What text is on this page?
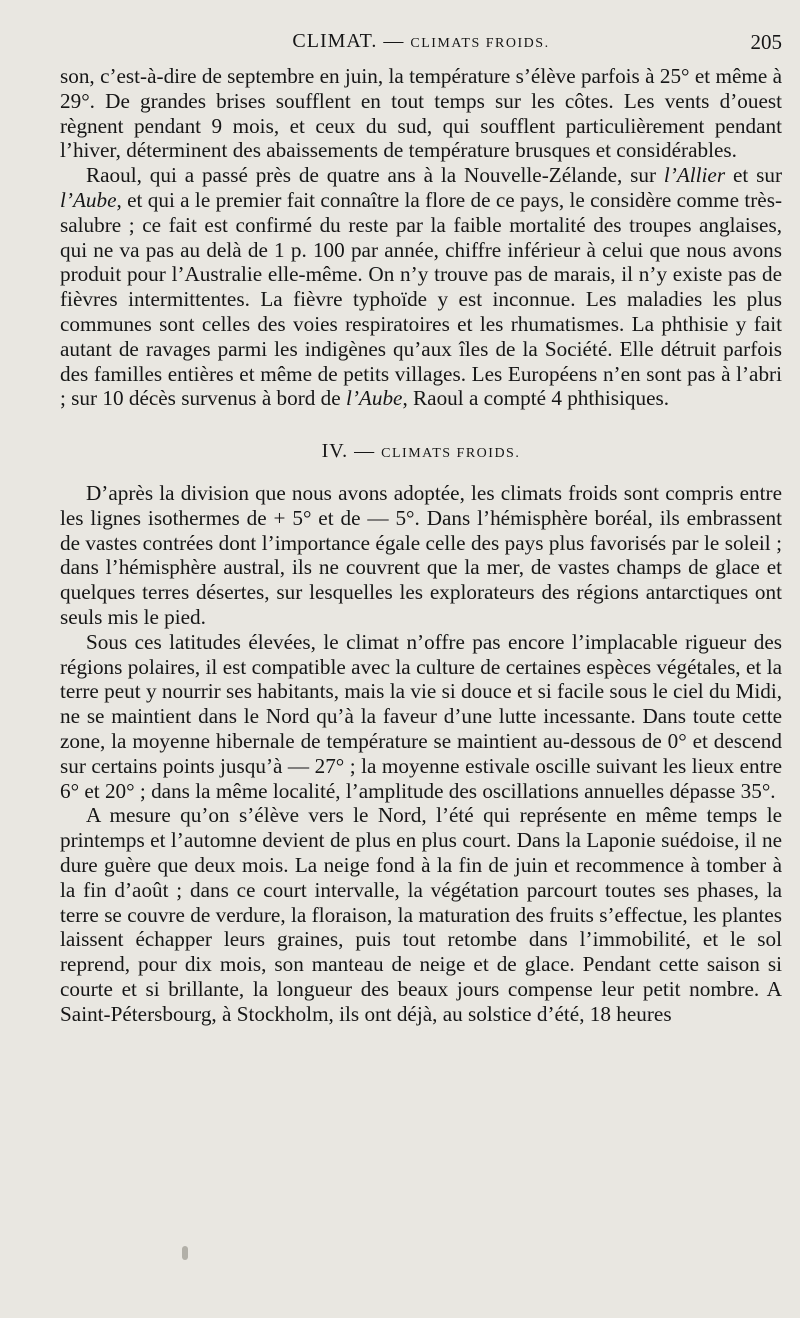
CLIMAT. — CLIMATS FROIDS.	205

son, c’est-à-dire de septembre en juin, la température s’élève parfois à 25° et même à 29°. De grandes brises soufflent en tout temps sur les côtes. Les vents d’ouest règnent pendant 9 mois, et ceux du sud, qui soufflent particulièrement pendant l’hiver, déterminent des abaissements de température brusques et considérables.

Raoul, qui a passé près de quatre ans à la Nouvelle-Zélande, sur l’Allier et sur l’Aube, et qui a le premier fait connaître la flore de ce pays, le considère comme très-salubre ; ce fait est confirmé du reste par la faible mortalité des troupes anglaises, qui ne va pas au delà de 1 p. 100 par année, chiffre inférieur à celui que nous avons produit pour l’Australie elle-même. On n’y trouve pas de marais, il n’y existe pas de fièvres intermittentes. La fièvre typhoïde y est inconnue. Les maladies les plus communes sont celles des voies respiratoires et les rhumatismes. La phthisie y fait autant de ravages parmi les indigènes qu’aux îles de la Société. Elle détruit parfois des familles entières et même de petits villages. Les Européens n’en sont pas à l’abri ; sur 10 décès survenus à bord de l’Aube, Raoul a compté 4 phthisiques.

IV. — CLIMATS FROIDS.

D’après la division que nous avons adoptée, les climats froids sont compris entre les lignes isothermes de + 5° et de — 5°. Dans l’hémisphère boréal, ils embrassent de vastes contrées dont l’importance égale celle des pays plus favorisés par le soleil ; dans l’hémisphère austral, ils ne couvrent que la mer, de vastes champs de glace et quelques terres désertes, sur lesquelles les explorateurs des régions antarctiques ont seuls mis le pied.

Sous ces latitudes élevées, le climat n’offre pas encore l’implacable rigueur des régions polaires, il est compatible avec la culture de certaines espèces végétales, et la terre peut y nourrir ses habitants, mais la vie si douce et si facile sous le ciel du Midi, ne se maintient dans le Nord qu’à la faveur d’une lutte incessante. Dans toute cette zone, la moyenne hibernale de température se maintient au-dessous de 0° et descend sur certains points jusqu’à — 27° ; la moyenne estivale oscille suivant les lieux entre 6° et 20° ; dans la même localité, l’amplitude des oscillations annuelles dépasse 35°.

A mesure qu’on s’élève vers le Nord, l’été qui représente en même temps le printemps et l’automne devient de plus en plus court. Dans la Laponie suédoise, il ne dure guère que deux mois. La neige fond à la fin de juin et recommence à tomber à la fin d’août ; dans ce court intervalle, la végétation parcourt toutes ses phases, la terre se couvre de verdure, la floraison, la maturation des fruits s’effectue, les plantes laissent échapper leurs graines, puis tout retombe dans l’immobilité, et le sol reprend, pour dix mois, son manteau de neige et de glace. Pendant cette saison si courte et si brillante, la longueur des beaux jours compense leur petit nombre. A Saint-Pétersbourg, à Stockholm, ils ont déjà, au solstice d’été, 18 heures
